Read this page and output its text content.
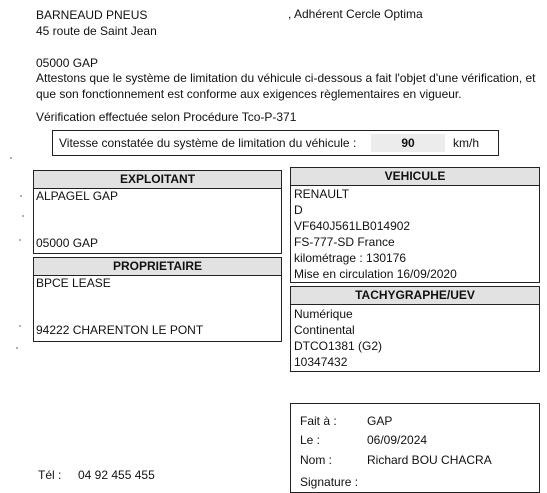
BARNEAUD PNEUS
45 route de Saint Jean
, Adhérent Cercle Optima
05000 GAP
Attestons que le système de limitation du véhicule ci-dessous a fait l'objet d'une vérification, et
que son fonctionnement est conforme aux exigences règlementaires en vigueur.
Vérification effectuée selon Procédure Tco-P-371
Vitesse constatée du système de limitation du véhicule :	90	km/h
EXPLOITANT
ALPAGEL GAP
05000 GAP
PROPRIETAIRE
BPCE LEASE
94222 CHARENTON LE PONT
VEHICULE
RENAULT
D
VF640J561LB014902
FS-777-SD France
kilométrage : 130176
Mise en circulation 16/09/2020
TACHYGRAPHE/UEV
Numérique
Continental
DTCO1381 (G2)
10347432
Fait à :	GAP
Le :	06/09/2024
Nom :	Richard BOU CHACRA
Signature :
Tél : 04 92 455 455
